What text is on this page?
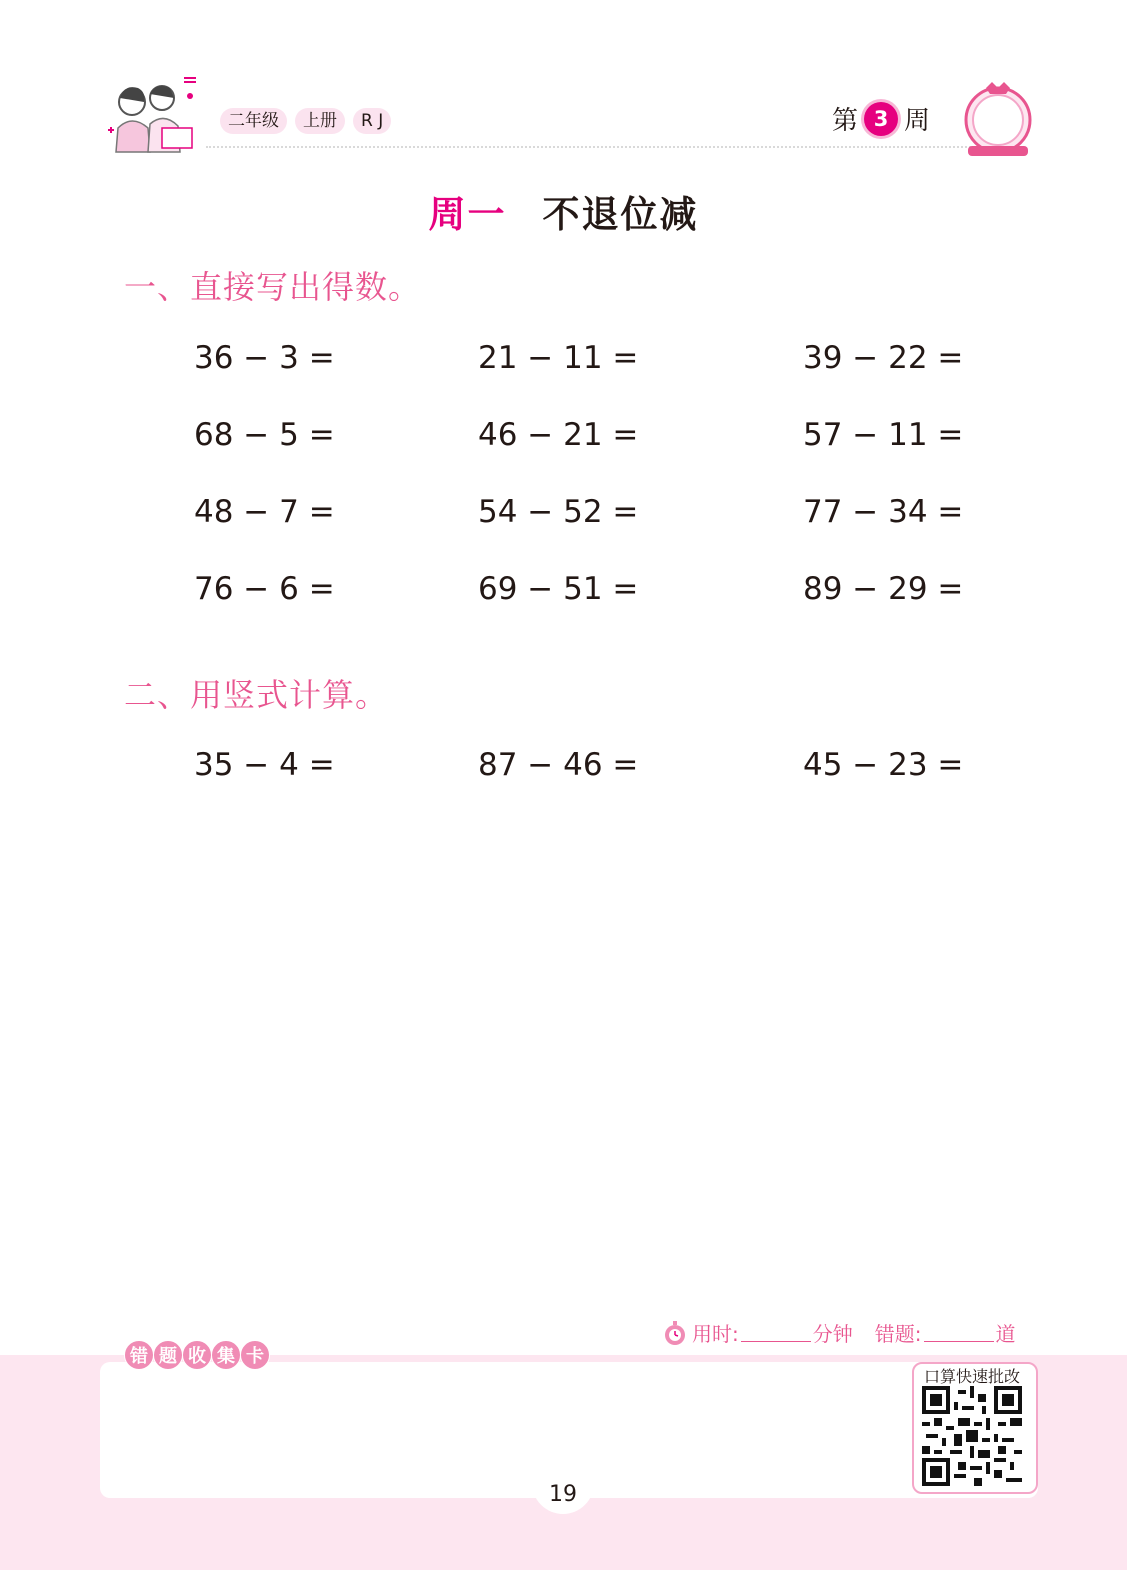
二年级	上册	R J	第 3 周
周一 不退位减
一、直接写出得数。
36 − 3 =	21 − 11 =	39 − 22 =
68 − 5 =	46 − 21 =	57 − 11 =
48 − 7 =	54 − 52 =	77 − 34 =
76 − 6 =	69 − 51 =	89 − 29 =
二、用竖式计算。
35 − 4 =	87 − 46 =	45 − 23 =
用时:	分钟 错题:	道
错 题 收 集 卡
口算快速批改
19
